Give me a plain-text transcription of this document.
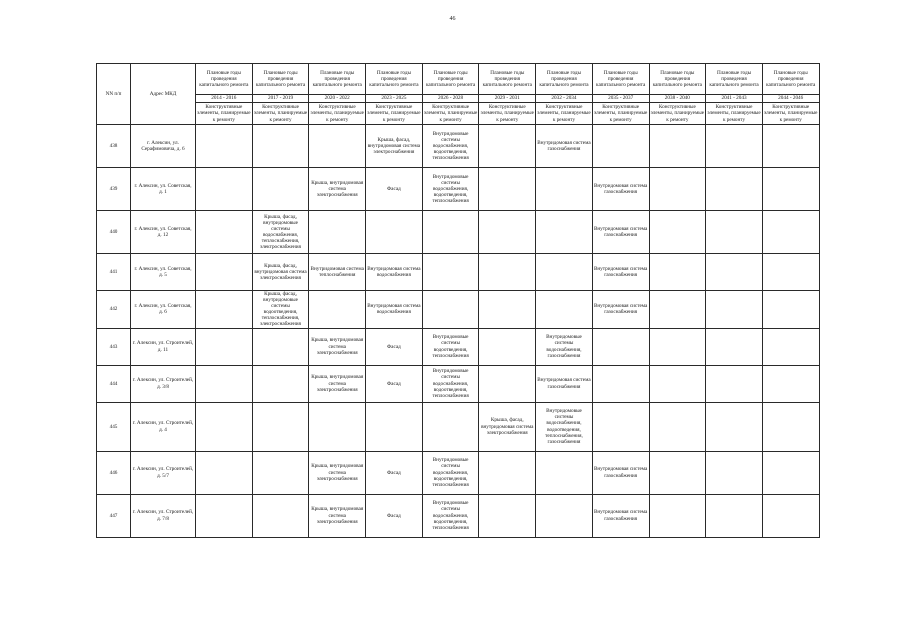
46
NN п/п	Адрес МКД	Плановые годы проведения капитального ремонта	Плановые годы проведения капитального ремонта	Плановые годы проведения капитального ремонта	Плановые годы проведения капитального ремонта	Плановые годы проведения капитального ремонта	Плановые годы проведения капитального ремонта	Плановые годы проведения капитального ремонта	Плановые годы проведения капитального ремонта	Плановые годы проведения капитального ремонта	Плановые годы проведения капитального ремонта	Плановые годы проведения капитального ремонта
		2014 - 2016	2017 - 2019	2020 - 2022	2023 - 2025	2026 - 2028	2029 - 2031	2032 - 2034	2035 - 2037	2038 - 2040	2041 - 2043	2044 - 2046
		Конструктивные элементы, планируемые к ремонту	Конструктивные элементы, планируемые к ремонту	Конструктивные элементы, планируемые к ремонту	Конструктивные элементы, планируемые к ремонту	Конструктивные элементы, планируемые к ремонту	Конструктивные элементы, планируемые к ремонту	Конструктивные элементы, планируемые к ремонту	Конструктивные элементы, планируемые к ремонту	Конструктивные элементы, планируемые к ремонту	Конструктивные элементы, планируемые к ремонту	Конструктивные элементы, планируемые к ремонту
438	г. Алексин, ул. Серафимовича, д. 6				Крыша, фасад, внутридомовая система электроснабжения	Внутридомовые системы водоснабжения, водоотведения, теплоснабжения		Внутридомовая система газоснабжения				
439	г. Алексин, ул. Советская, д. 1			Крыша, внутридомовая система электроснабжения	Фасад	Внутридомовые системы водоснабжения, водоотведения, теплоснабжения			Внутридомовая система газоснабжения			
440	г. Алексин, ул. Советская, д. 12		Крыша, фасад, внутридомовые системы водоснабжения, теплоснабжения, электроснабжения						Внутридомовая система газоснабжения			
441	г. Алексин, ул. Советская, д. 5		Крыша, фасад, внутридомовая система электроснабжения	Внутридомовая система теплоснабжения	Внутридомовая система водоснабжения				Внутридомовая система газоснабжения			
442	г. Алексин, ул. Советская, д. 6		Крыша, фасад, внутридомовые системы водоотведения, теплоснабжения, электроснабжения		Внутридомовая система водоснабжения				Внутридомовая система газоснабжения			
443	г. Алексин, ул. Строителей, д. 11			Крыша, внутридомовая система электроснабжения	Фасад	Внутридомовые системы водоотведения, теплоснабжения		Внутридомовые системы водоснабжения, газоснабжения				
444	г. Алексин, ул. Строителей, д. 3/8			Крыша, внутридомовая система электроснабжения	Фасад	Внутридомовые системы водоснабжения, водоотведения, теплоснабжения		Внутридомовая система газоснабжения				
445	г. Алексин, ул. Строителей, д. 4						Крыша, фасад, внутридомовая система электроснабжения	Внутридомовые системы водоснабжения, водоотведения, теплоснабжения, газоснабжения				
446	г. Алексин, ул. Строителей, д. 5/7			Крыша, внутридомовая система электроснабжения	Фасад	Внутридомовые системы водоснабжения, водоотведения, теплоснабжения			Внутридомовая система газоснабжения			
447	г. Алексин, ул. Строителей, д. 7/8			Крыша, внутридомовая система электроснабжения	Фасад	Внутридомовые системы водоснабжения, водоотведения, теплоснабжения			Внутридомовая система газоснабжения			
